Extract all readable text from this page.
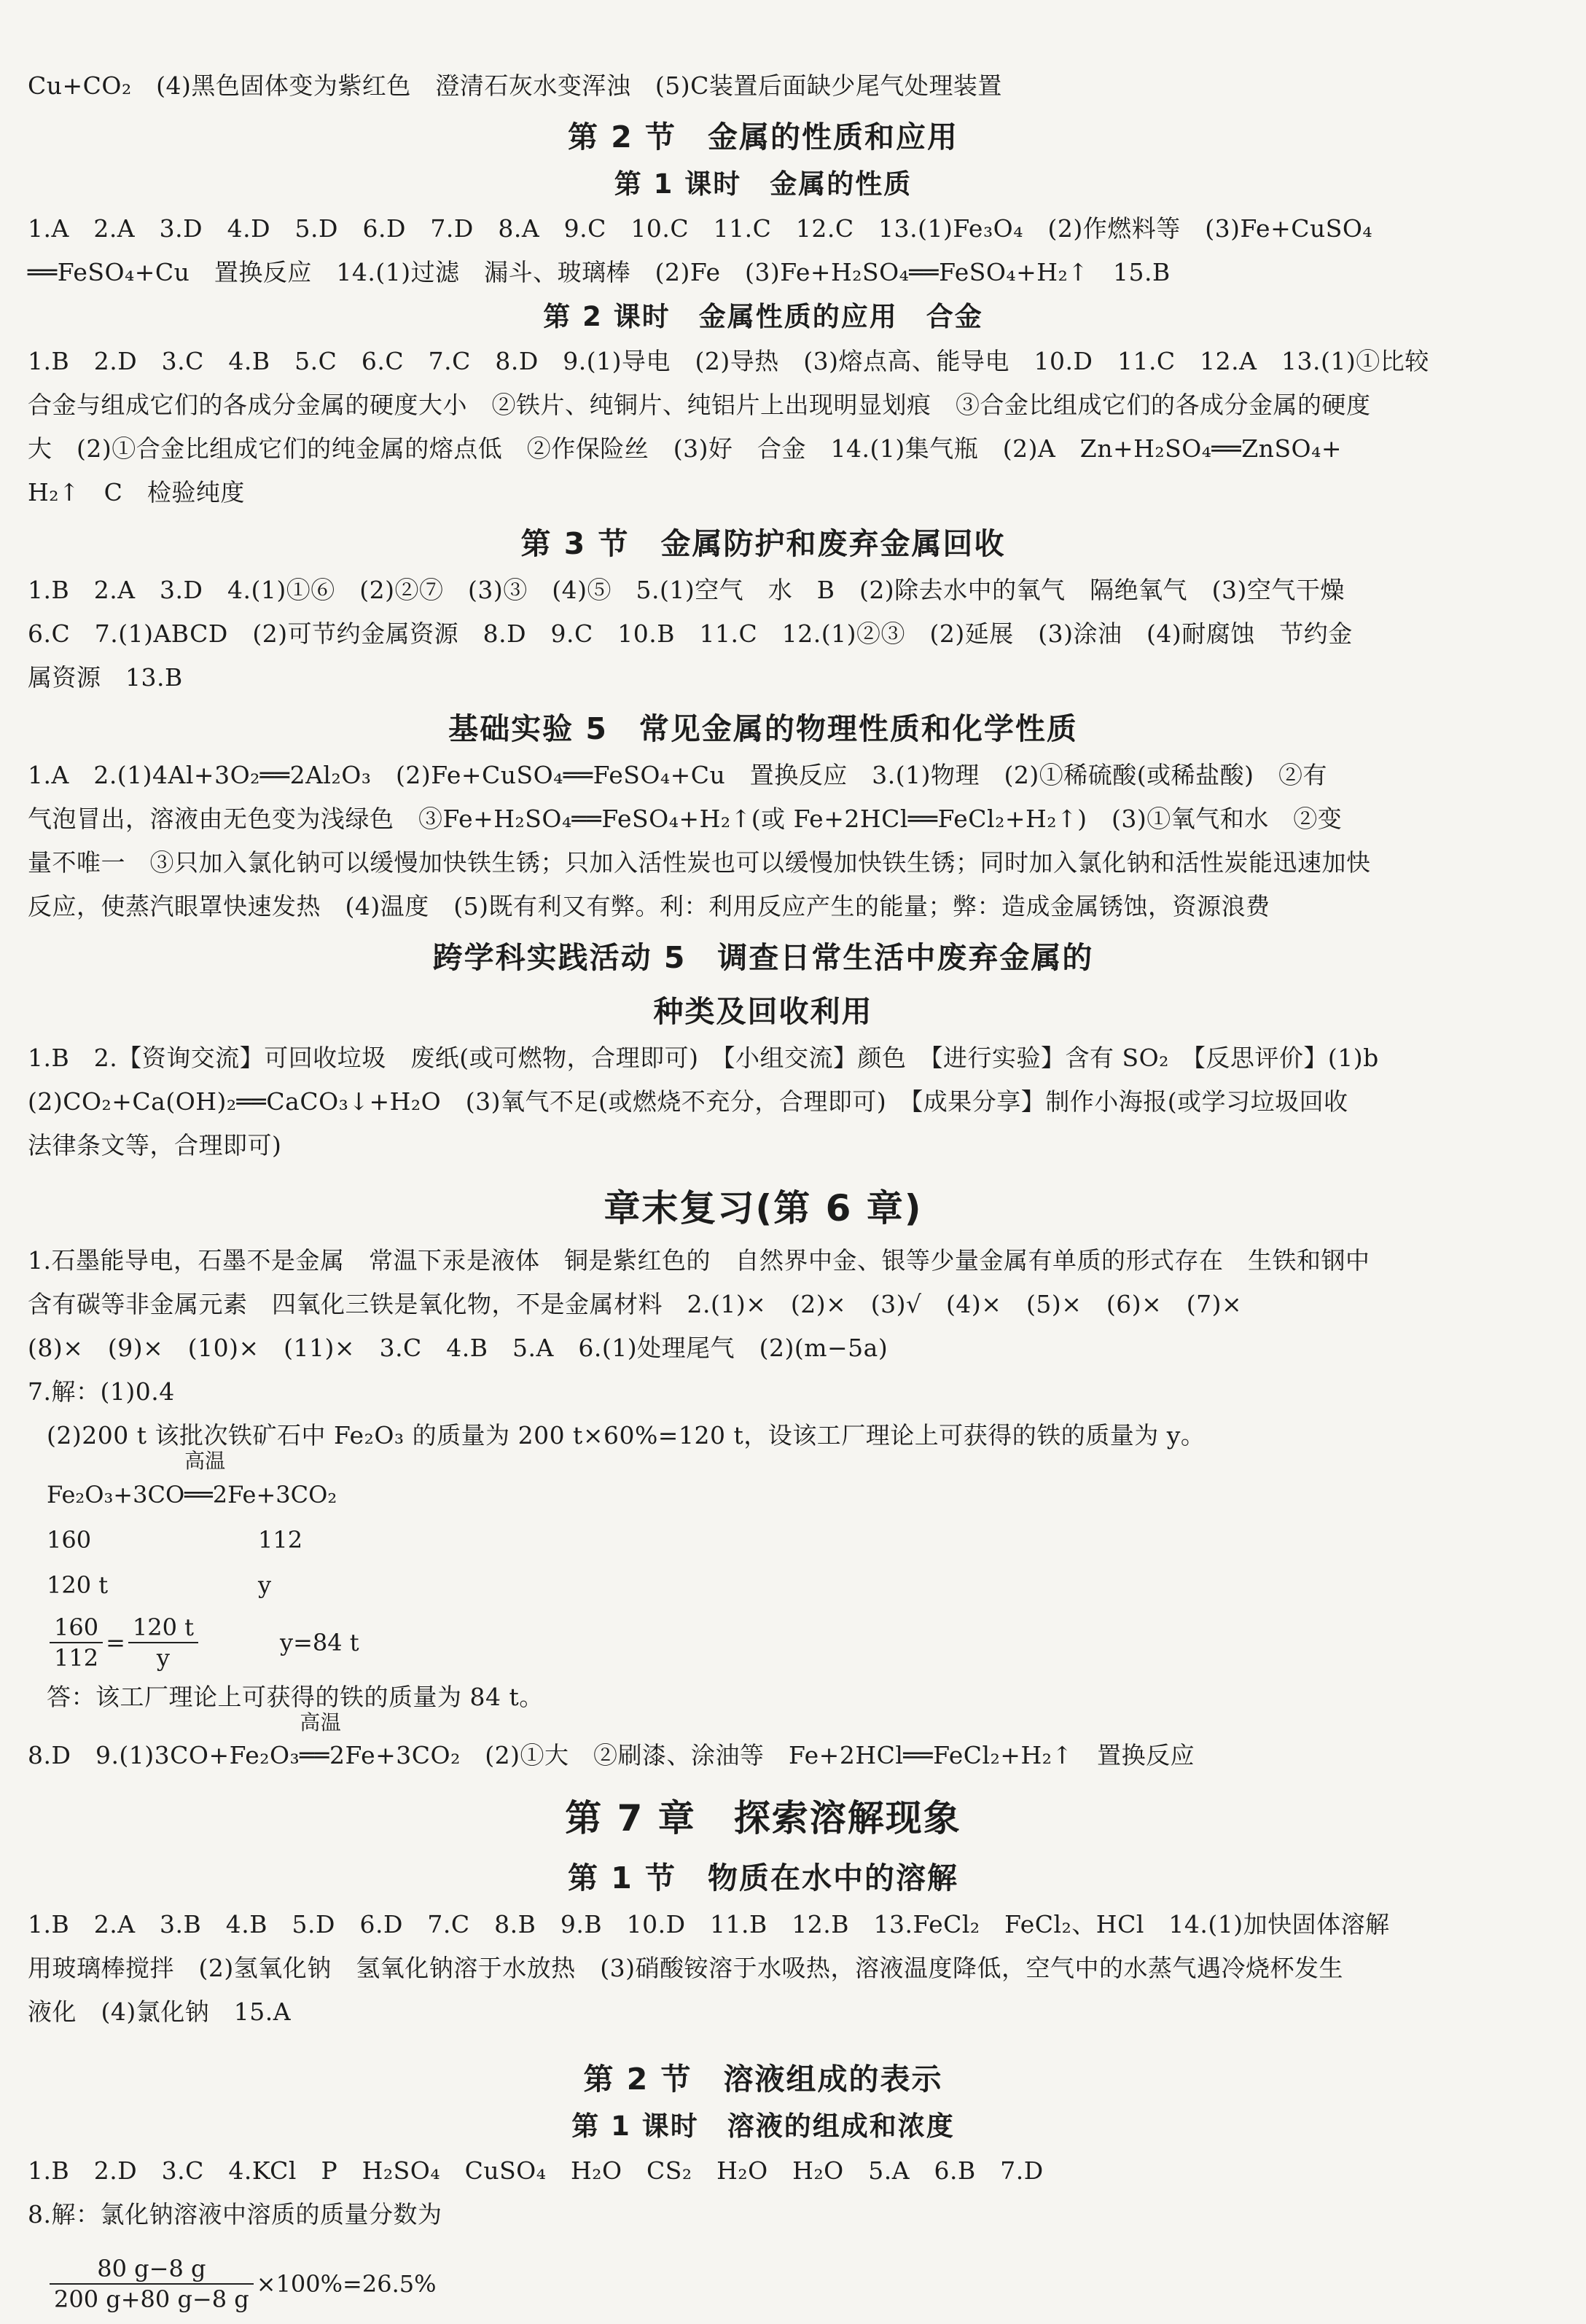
Cu+CO₂　(4)黑色固体变为紫红色　澄清石灰水变浑浊　(5)C装置后面缺少尾气处理装置
第 2 节　金属的性质和应用
第 1 课时　金属的性质
1.A　2.A　3.D　4.D　5.D　6.D　7.D　8.A　9.C　10.C　11.C　12.C　13.(1)Fe₃O₄　(2)作燃料等　(3)Fe+CuSO₄
══FeSO₄+Cu　置换反应　14.(1)过滤　漏斗、玻璃棒　(2)Fe　(3)Fe+H₂SO₄══FeSO₄+H₂↑　15.B
第 2 课时　金属性质的应用　合金
1.B　2.D　3.C　4.B　5.C　6.C　7.C　8.D　9.(1)导电　(2)导热　(3)熔点高、能导电　10.D　11.C　12.A　13.(1)①比较
合金与组成它们的各成分金属的硬度大小　②铁片、纯铜片、纯铝片上出现明显划痕　③合金比组成它们的各成分金属的硬度
大　(2)①合金比组成它们的纯金属的熔点低　②作保险丝　(3)好　合金　14.(1)集气瓶　(2)A　Zn+H₂SO₄══ZnSO₄+
H₂↑　C　检验纯度
第 3 节　金属防护和废弃金属回收
1.B　2.A　3.D　4.(1)①⑥　(2)②⑦　(3)③　(4)⑤　5.(1)空气　水　B　(2)除去水中的氧气　隔绝氧气　(3)空气干燥
6.C　7.(1)ABCD　(2)可节约金属资源　8.D　9.C　10.B　11.C　12.(1)②③　(2)延展　(3)涂油　(4)耐腐蚀　节约金
属资源　13.B
基础实验 5　常见金属的物理性质和化学性质
1.A　2.(1)4Al+3O₂══2Al₂O₃　(2)Fe+CuSO₄══FeSO₄+Cu　置换反应　3.(1)物理　(2)①稀硫酸(或稀盐酸)　②有
气泡冒出，溶液由无色变为浅绿色　③Fe+H₂SO₄══FeSO₄+H₂↑(或 Fe+2HCl══FeCl₂+H₂↑)　(3)①氧气和水　②变
量不唯一　③只加入氯化钠可以缓慢加快铁生锈；只加入活性炭也可以缓慢加快铁生锈；同时加入氯化钠和活性炭能迅速加快
反应，使蒸汽眼罩快速发热　(4)温度　(5)既有利又有弊。利：利用反应产生的能量；弊：造成金属锈蚀，资源浪费
跨学科实践活动 5　调查日常生活中废弃金属的
种类及回收利用
1.B　2.【资询交流】可回收垃圾　废纸(或可燃物，合理即可)　【小组交流】颜色　【进行实验】含有 SO₂　【反思评价】(1)b
(2)CO₂+Ca(OH)₂══CaCO₃↓+H₂O　(3)氧气不足(或燃烧不充分，合理即可)　【成果分享】制作小海报(或学习垃圾回收
法律条文等，合理即可)
章末复习(第 6 章)
1.石墨能导电，石墨不是金属　常温下汞是液体　铜是紫红色的　自然界中金、银等少量金属有单质的形式存在　生铁和钢中
含有碳等非金属元素　四氧化三铁是氧化物，不是金属材料　2.(1)×　(2)×　(3)√　(4)×　(5)×　(6)×　(7)×
(8)×　(9)×　(10)×　(11)×　3.C　4.B　5.A　6.(1)处理尾气　(2)(m−5a)
7.解：(1)0.4
(2)200 t 该批次铁矿石中 Fe₂O₃ 的质量为 200 t×60%=120 t，设该工厂理论上可获得的铁的质量为 y。
Fe₂O₃+3CO
高温
══2Fe+3CO₂
160	112
120 t	y
$\frac{160}{112} = \frac{120 t}{y}$	y=84 t
答：该工厂理论上可获得的铁的质量为 84 t。
8.D　9.(1)3CO+Fe₂O₃
高温
══2Fe+3CO₂　(2)①大　②刷漆、涂油等　Fe+2HCl══FeCl₂+H₂↑　置换反应
第 7 章　探索溶解现象
第 1 节　物质在水中的溶解
1.B　2.A　3.B　4.B　5.D　6.D　7.C　8.B　9.B　10.D　11.B　12.B　13.FeCl₂　FeCl₂、HCl　14.(1)加快固体溶解
用玻璃棒搅拌　(2)氢氧化钠　氢氧化钠溶于水放热　(3)硝酸铵溶于水吸热，溶液温度降低，空气中的水蒸气遇冷烧杯发生
液化　(4)氯化钠　15.A
第 2 节　溶液组成的表示
第 1 课时　溶液的组成和浓度
1.B　2.D　3.C　4.KCl　P　H₂SO₄　CuSO₄　H₂O　CS₂　H₂O　H₂O　5.A　6.B　7.D
8.解：氯化钠溶液中溶质的质量分数为
$\frac{80 g-8 g}{200 g+80 g-8 g} \times 100\%=26.5\%$
